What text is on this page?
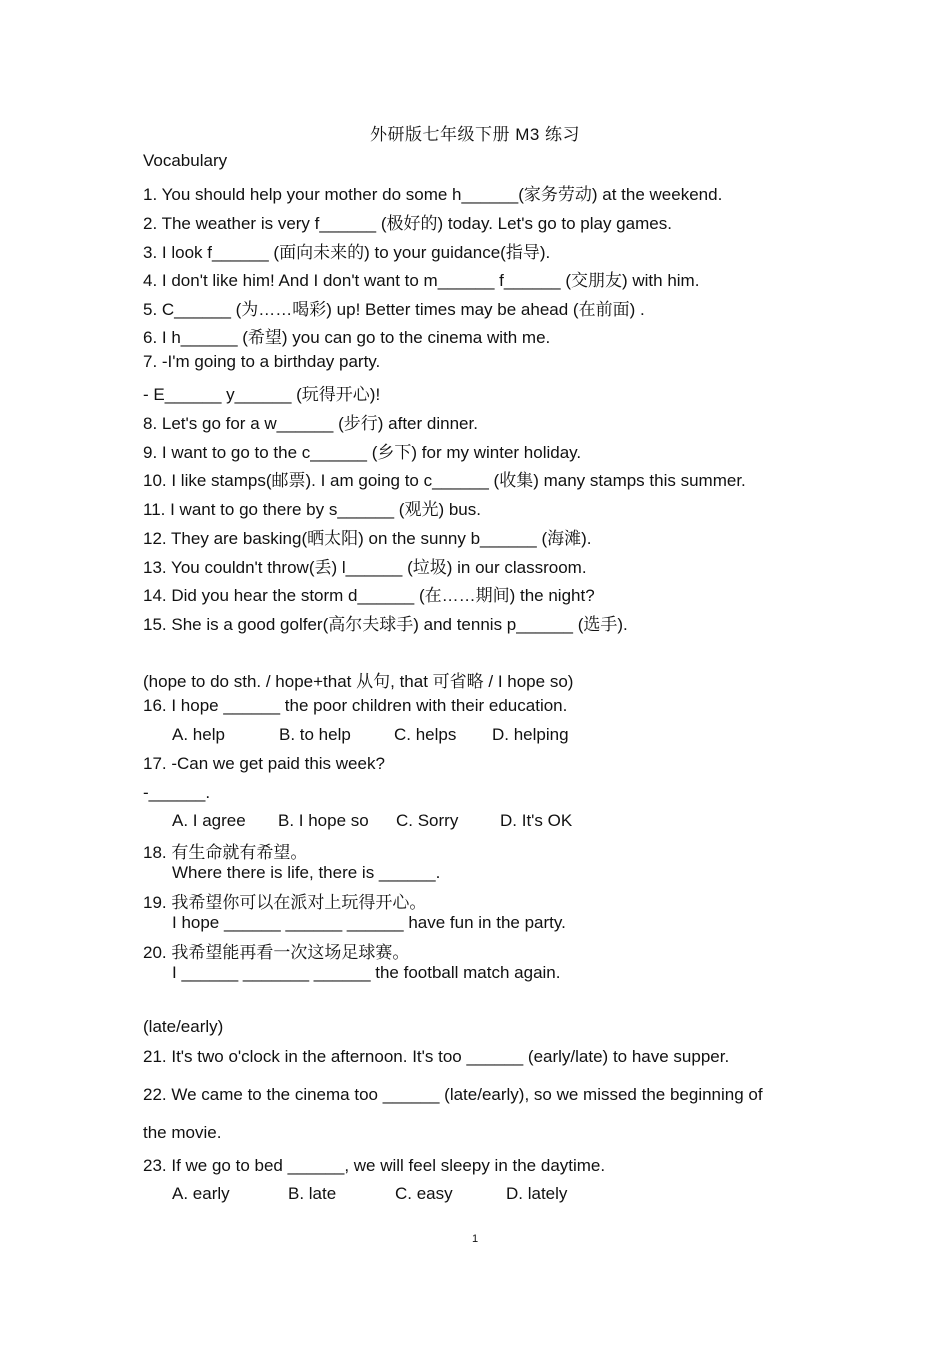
外研版七年级下册 M3 练习
Vocabulary
1. You should help your mother do some h______(家务劳动) at the weekend.
2. The weather is very f______ (极好的) today. Let's go to play games.
3. I look f______ (面向未来的) to your guidance(指导).
4. I don't like him! And I don't want to m______ f______ (交朋友) with him.
5. C______ (为……喝彩) up! Better times may be ahead (在前面) .
6. I h______ (希望) you can go to the cinema with me.
7. -I'm going to a birthday party.
- E______ y______ (玩得开心)!
8. Let's go for a w______ (步行) after dinner.
9. I want to go to the c______ (乡下) for my winter holiday.
10. I like stamps(邮票). I am going to c______ (收集) many stamps this summer.
11. I want to go there by s______ (观光) bus.
12. They are basking(晒太阳) on the sunny b______ (海滩).
13. You couldn't throw(丢) l______ (垃圾) in our classroom.
14. Did you hear the storm d______ (在……期间) the night?
15. She is a good golfer(高尔夫球手) and tennis p______ (选手).
(hope to do sth. / hope+that 从句, that 可省略 / I hope so)
16. I hope ______ the poor children with their education.
A. help	B. to help	C. helps D. helping
17. -Can we get paid this week?
-______.
A. I agree B. I hope so C. Sorry D. It's OK
18. 有生命就有希望。
Where there is life, there is ______.
19. 我希望你可以在派对上玩得开心。
I hope ______ ______ ______ have fun in the party.
20. 我希望能再看一次这场足球赛。
I ______ _______ ______ the football match again.
(late/early)
21. It's two o'clock in the afternoon. It's too ______ (early/late) to have supper.
22. We came to the cinema too ______ (late/early), so we missed the beginning of
the movie.
23. If we go to bed ______, we will feel sleepy in the daytime.
A. early	B. late	C. easy	D. lately
1
